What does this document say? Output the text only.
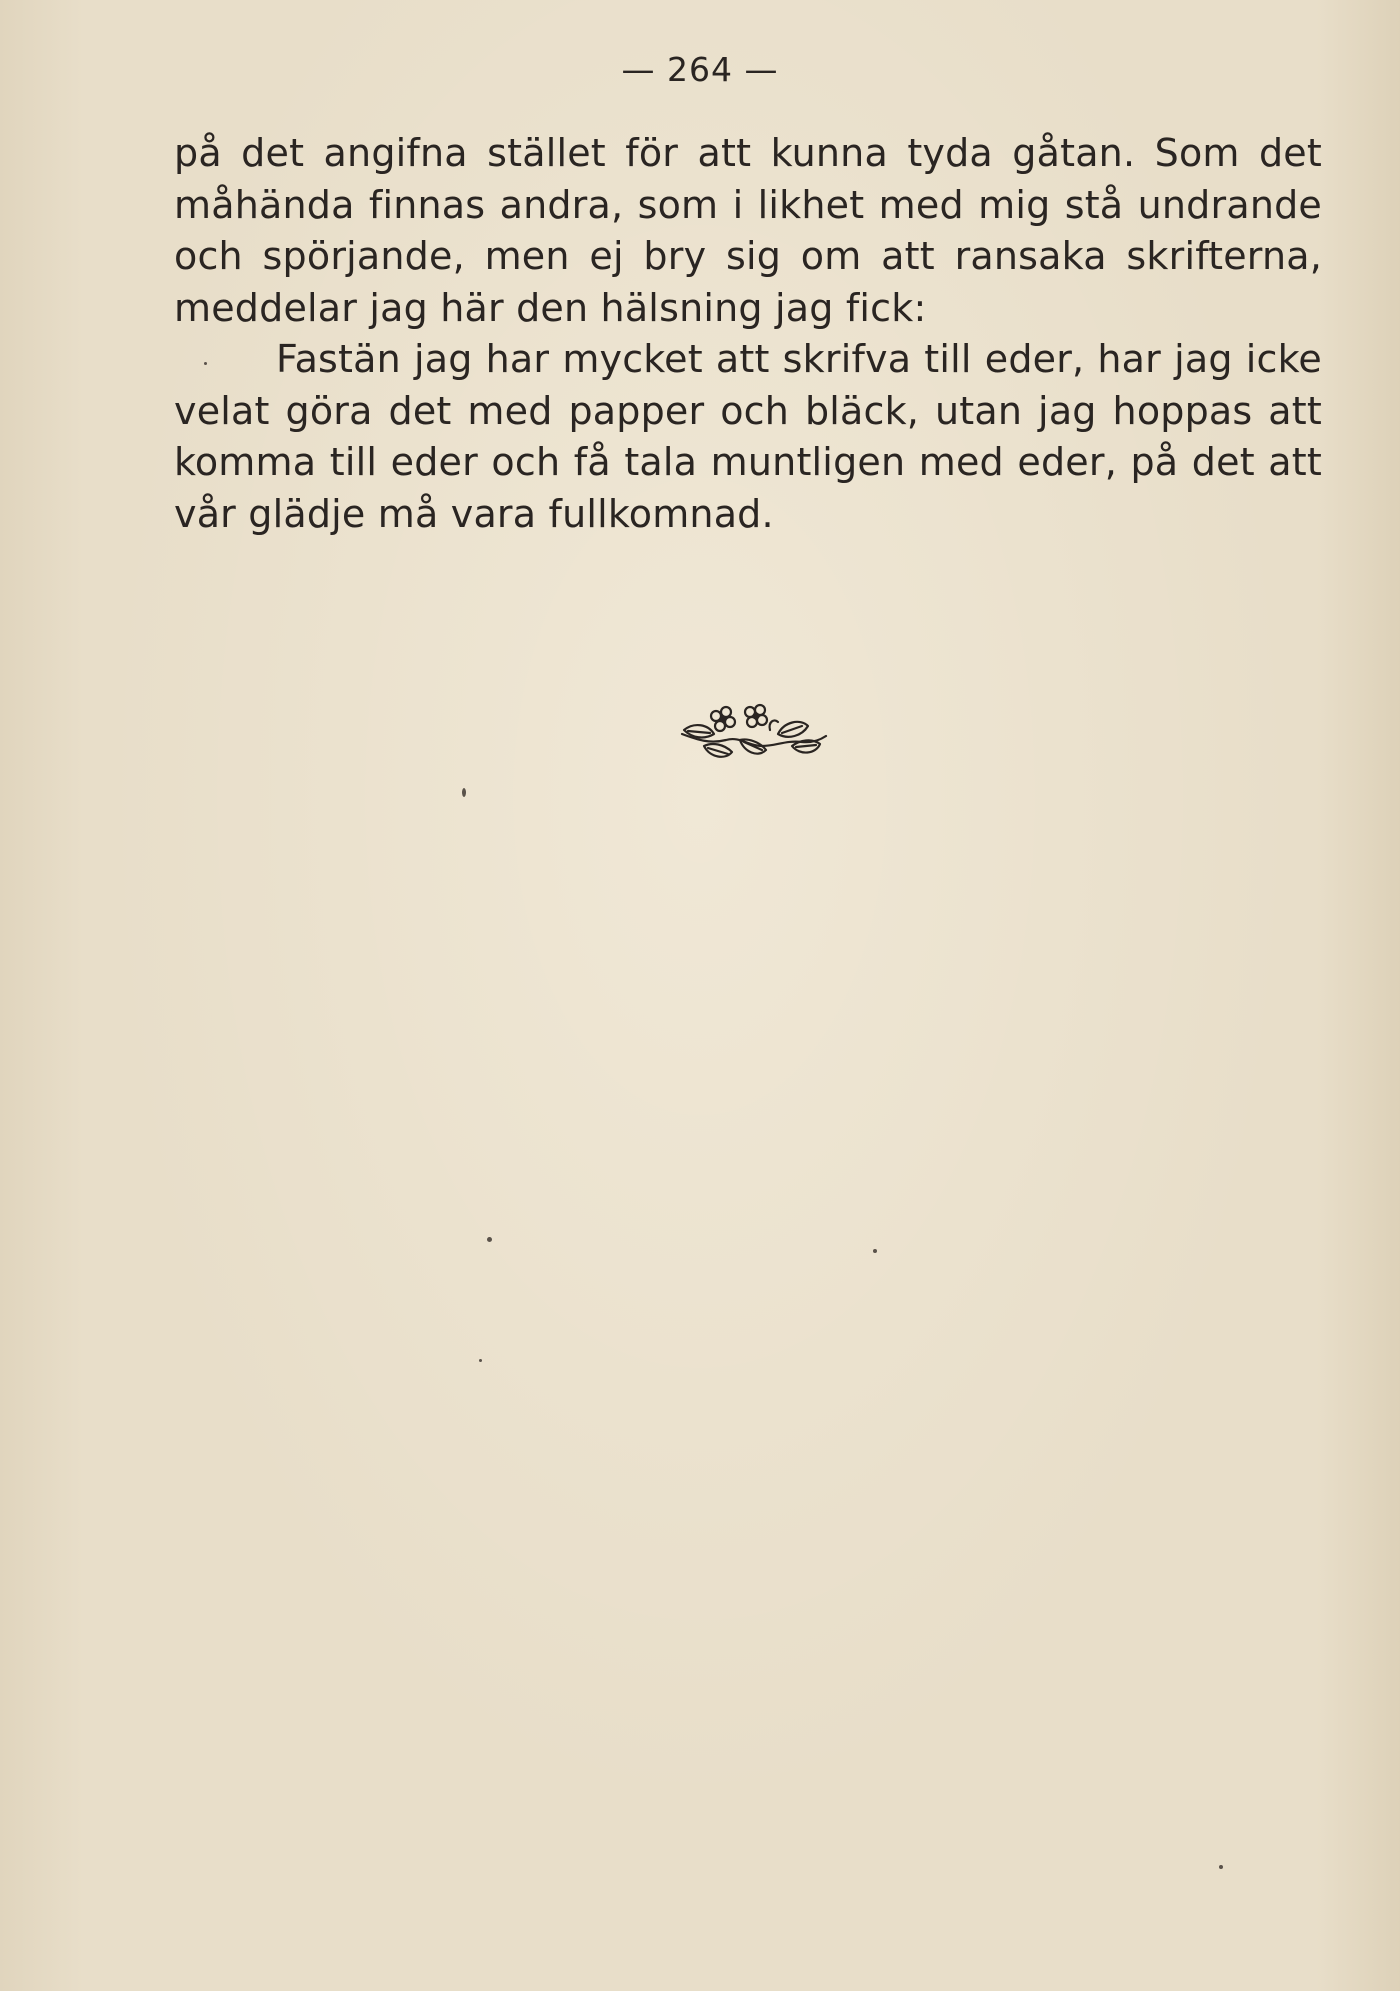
— 264 —
på det angifna stället för att kunna tyda gåtan. Som det
måhända finnas andra, som i likhet med mig stå undrande
och spörjande, men ej bry sig om att ransaka skrifterna,
meddelar jag här den hälsning jag fick:
Fastän jag har mycket att skrifva till eder, har jag icke
velat göra det med papper och bläck, utan jag hoppas att
komma till eder och få tala muntligen med eder, på det att
vår glädje må vara fullkomnad.
